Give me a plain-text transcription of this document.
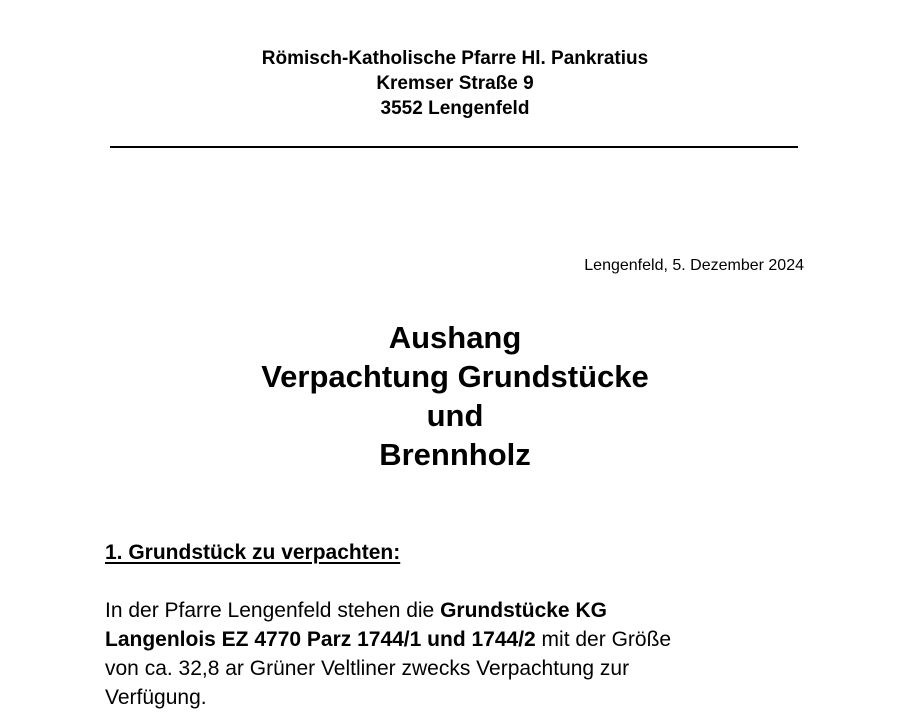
Römisch-Katholische Pfarre Hl. Pankratius
Kremser Straße 9
3552 Lengenfeld
Lengenfeld, 5. Dezember 2024
Aushang
Verpachtung Grundstücke
und
Brennholz
1. Grundstück zu verpachten:
In der Pfarre Lengenfeld stehen die Grundstücke KG
Langenlois EZ 4770 Parz 1744/1 und 1744/2 mit der Größe
von ca. 32,8 ar Grüner Veltliner zwecks Verpachtung zur
Verfügung.
